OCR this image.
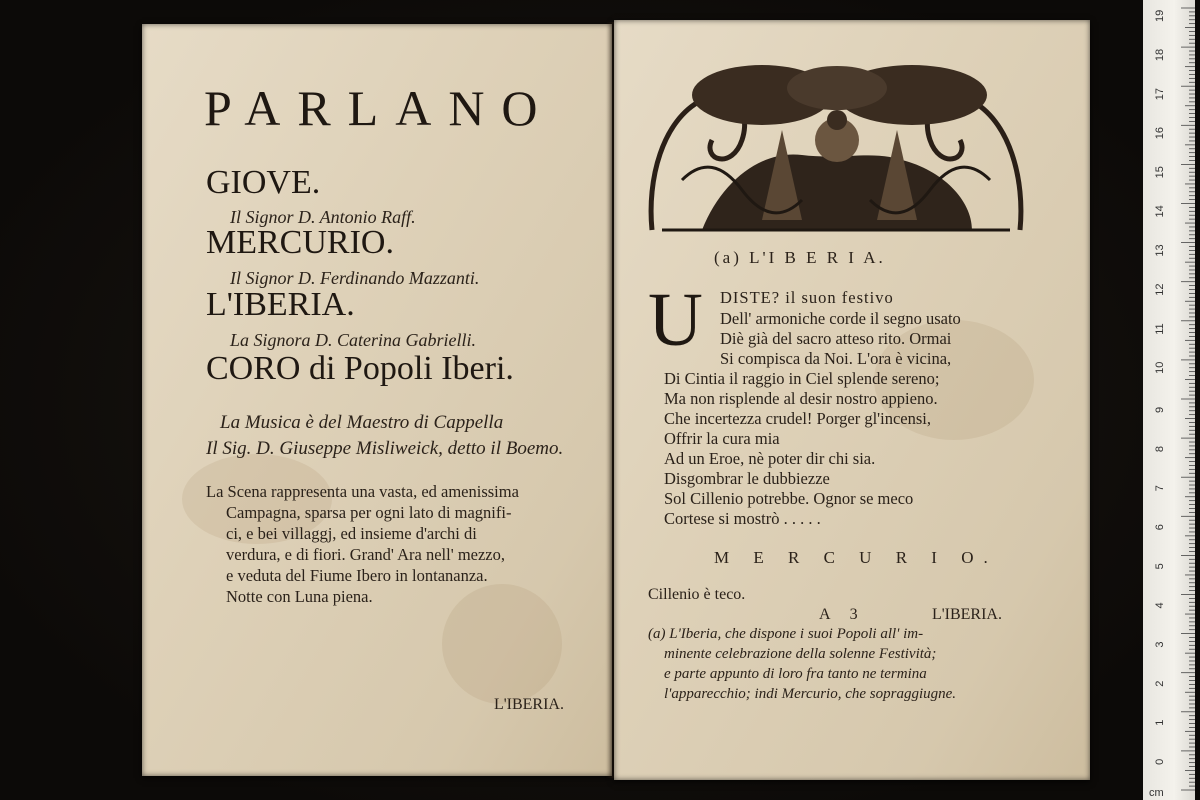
PARLANO
GIOVE.
Il Signor D. Antonio Raff.
MERCURIO.
Il Signor D. Ferdinando Mazzanti.
L'IBERIA.
La Signora D. Caterina Gabrielli.
CORO di Popoli Iberi.
La Musica è del Maestro di Cappella
Il Sig. D. Giuseppe Misliweick, detto il Boemo.
La Scena rappresenta una vasta, ed amenissima
Campagna, sparsa per ogni lato di magnifi-
ci, e bei villaggj, ed insieme d'archi di
verdura, e di fiori. Grand' Ara nell' mezzo,
e veduta del Fiume Ibero in lontananza.
Notte con Luna piena.
L'IBERIA.
(a) L'I B E R I A.
U DISTE? il suon festivo
Dell' armoniche corde il segno usato
Diè già del sacro atteso rito. Ormai
Si compisca da Noi. L'ora è vicina,
Di Cintia il raggio in Ciel splende sereno;
Ma non risplende al desir nostro appieno.
Che incertezza crudel! Porger gl'incensi,
Offrir la cura mia
Ad un Eroe, nè poter dir chi sia.
Disgombrar le dubbiezze
Sol Cillenio potrebbe. Ognor se meco
Cortese si mostrò . . . . .
M E R C U R I O.
Cillenio è teco.
A 3	L'IBERIA.
(a) L'Iberia, che dispone i suoi Popoli all' im-
minente celebrazione della solenne Festività;
e parte appunto di loro fra tanto ne termina
l'apparecchio; indi Mercurio, che sopraggiugne.
19
18
17
16
15
14
13
12
11
10
9
8
7
6
5
4
3
2
1
0
cm
